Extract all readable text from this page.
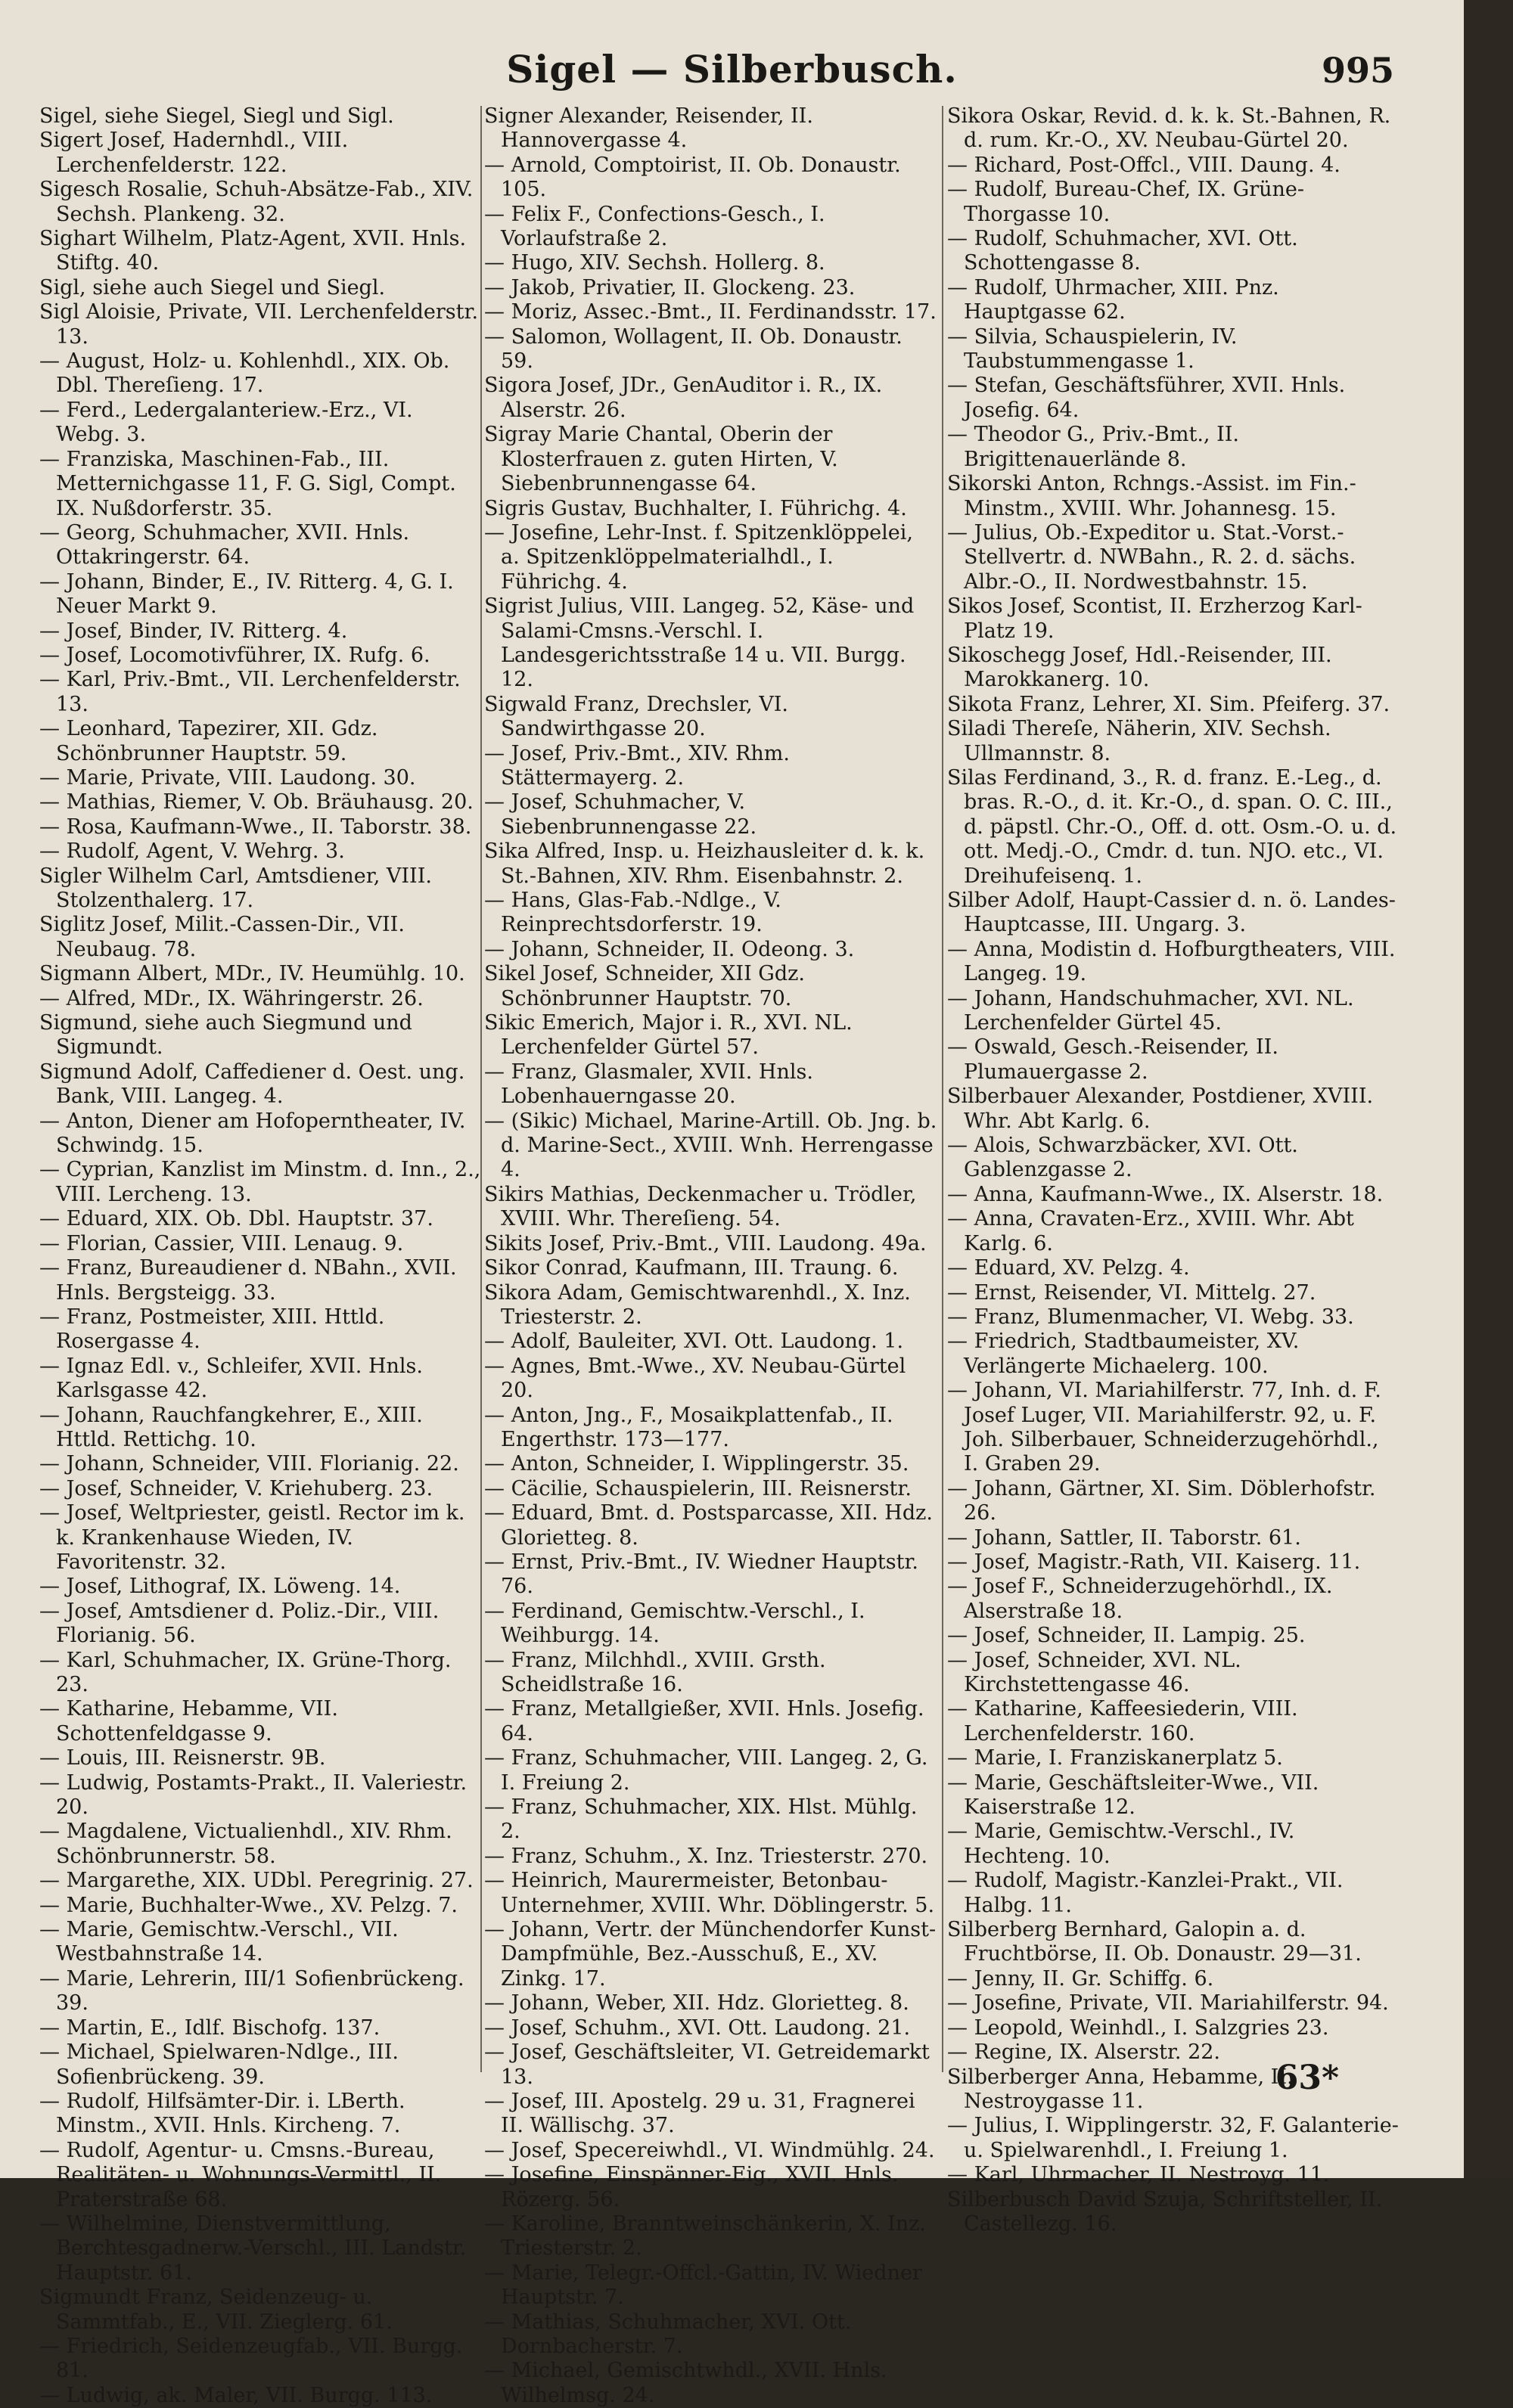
Sigel — Silberbusch.	995

Sigel, siehe Siegel, Siegl und Sigl.

Sigert Josef, Hadernhdl., VIII. Lerchenfelderstr. 122.

Sigesch Rosalie, Schuh-Absätze-Fab., XIV. Sechsh. Plankeng. 32.

Sighart Wilhelm, Platz-Agent, XVII. Hnls. Stiftg. 40.

Sigl, siehe auch Siegel und Siegl.

Sigl Aloisie, Private, VII. Lerchenfelderstr. 13.

— August, Holz- u. Kohlenhdl., XIX. Ob. Dbl. Thereſieng. 17.

— Ferd., Ledergalanteriew.-Erz., VI. Webg. 3.

— Franziska, Maschinen-Fab., III. Metternichgasse 11, F. G. Sigl, Compt. IX. Nußdorferstr. 35.

— Georg, Schuhmacher, XVII. Hnls. Ottakringerstr. 64.

— Johann, Binder, E., IV. Ritterg. 4, G. I. Neuer Markt 9.

— Josef, Binder, IV. Ritterg. 4.

— Josef, Locomotivführer, IX. Rufg. 6.

— Karl, Priv.-Bmt., VII. Lerchenfelderstr. 13.

— Leonhard, Tapezirer, XII. Gdz. Schönbrunner Hauptstr. 59.

— Marie, Private, VIII. Laudong. 30.

— Mathias, Riemer, V. Ob. Bräuhausg. 20.

— Rosa, Kaufmann-Wwe., II. Taborstr. 38.

— Rudolf, Agent, V. Wehrg. 3.

Sigler Wilhelm Carl, Amtsdiener, VIII. Stolzenthalerg. 17.

Siglitz Josef, Milit.-Cassen-Dir., VII. Neubaug. 78.

Sigmann Albert, MDr., IV. Heumühlg. 10.

— Alfred, MDr., IX. Währingerstr. 26.

Sigmund, siehe auch Siegmund und Sigmundt.

Sigmund Adolf, Caffediener d. Oest. ung. Bank, VIII. Langeg. 4.

— Anton, Diener am Hofoperntheater, IV. Schwindg. 15.

— Cyprian, Kanzlist im Minstm. d. Inn., 2., VIII. Lercheng. 13.

— Eduard, XIX. Ob. Dbl. Hauptstr. 37.

— Florian, Cassier, VIII. Lenaug. 9.

— Franz, Bureaudiener d. NBahn., XVII. Hnls. Bergsteigg. 33.

— Franz, Postmeister, XIII. Httld. Rosergasse 4.

— Ignaz Edl. v., Schleifer, XVII. Hnls. Karlsgasse 42.

— Johann, Rauchfangkehrer, E., XIII. Httld. Rettichg. 10.

— Johann, Schneider, VIII. Florianig. 22.

— Josef, Schneider, V. Kriehuberg. 23.

— Josef, Weltpriester, geistl. Rector im k. k. Krankenhause Wieden, IV. Favoritenstr. 32.

— Josef, Lithograf, IX. Löweng. 14.

— Josef, Amtsdiener d. Poliz.-Dir., VIII. Florianig. 56.

— Karl, Schuhmacher, IX. Grüne-Thorg. 23.

— Katharine, Hebamme, VII. Schottenfeldgasse 9.

— Louis, III. Reisnerstr. 9B.

— Ludwig, Postamts-Prakt., II. Valeriestr. 20.

— Magdalene, Victualienhdl., XIV. Rhm. Schönbrunnerstr. 58.

— Margarethe, XIX. UDbl. Peregrinig. 27.

— Marie, Buchhalter-Wwe., XV. Pelzg. 7.

— Marie, Gemischtw.-Verschl., VII. Westbahnstraße 14.

— Marie, Lehrerin, III/1 Sofienbrückeng. 39.

— Martin, E., Idlf. Bischofg. 137.

— Michael, Spielwaren-Ndlge., III. Sofienbrückeng. 39.

— Rudolf, Hilfsämter-Dir. i. LBerth. Minstm., XVII. Hnls. Kircheng. 7.

— Rudolf, Agentur- u. Cmsns.-Bureau, Realitäten- u. Wohnungs-Vermittl., II. Praterstraße 68.

— Wilhelmine, Dienstvermittlung, Berchtesgadnerw.-Verschl., III. Landstr. Hauptstr. 61.

Sigmundt Franz, Seidenzeug- u. Sammtfab., E., VII. Zieglerg. 61.

— Friedrich, Seidenzeugfab., VII. Burgg. 81.

— Ludwig, ak. Maler, VII. Burgg. 113.

Signer Alexander, Reisender, II. Hannovergasse 4.

— Arnold, Comptoirist, II. Ob. Donaustr. 105.

— Felix F., Confections-Gesch., I. Vorlaufstraße 2.

— Hugo, XIV. Sechsh. Hollerg. 8.

— Jakob, Privatier, II. Glockeng. 23.

— Moriz, Assec.-Bmt., II. Ferdinandsstr. 17.

— Salomon, Wollagent, II. Ob. Donaustr. 59.

Sigora Josef, JDr., GenAuditor i. R., IX. Alserstr. 26.

Sigray Marie Chantal, Oberin der Klosterfrauen z. guten Hirten, V. Siebenbrunnengasse 64.

Sigris Gustav, Buchhalter, I. Führichg. 4.

— Josefine, Lehr-Inst. f. Spitzenklöppelei, a. Spitzenklöppelmaterialhdl., I. Führichg. 4.

Sigrist Julius, VIII. Langeg. 52, Käse- und Salami-Cmsns.-Verschl. I. Landesgerichtsstraße 14 u. VII. Burgg. 12.

Sigwald Franz, Drechsler, VI. Sandwirthgasse 20.

— Josef, Priv.-Bmt., XIV. Rhm. Stättermayerg. 2.

— Josef, Schuhmacher, V. Siebenbrunnengasse 22.

Sika Alfred, Insp. u. Heizhausleiter d. k. k. St.-Bahnen, XIV. Rhm. Eisenbahnstr. 2.

— Hans, Glas-Fab.-Ndlge., V. Reinprechtsdorferstr. 19.

— Johann, Schneider, II. Odeong. 3.

Sikel Josef, Schneider, XII Gdz. Schönbrunner Hauptstr. 70.

Sikic Emerich, Major i. R., XVI. NL. Lerchenfelder Gürtel 57.

— Franz, Glasmaler, XVII. Hnls. Lobenhauerngasse 20.

— (Sikic) Michael, Marine-Artill. Ob. Jng. b. d. Marine-Sect., XVIII. Wnh. Herrengasse 4.

Sikirs Mathias, Deckenmacher u. Trödler, XVIII. Whr. Thereſieng. 54.

Sikits Josef, Priv.-Bmt., VIII. Laudong. 49a.

Sikor Conrad, Kaufmann, III. Traung. 6.

Sikora Adam, Gemischtwarenhdl., X. Inz. Triesterstr. 2.

— Adolf, Bauleiter, XVI. Ott. Laudong. 1.

— Agnes, Bmt.-Wwe., XV. Neubau-Gürtel 20.

— Anton, Jng., F., Mosaikplattenfab., II. Engerthstr. 173—177.

— Anton, Schneider, I. Wipplingerstr. 35.

— Cäcilie, Schauspielerin, III. Reisnerstr.

— Eduard, Bmt. d. Postsparcasse, XII. Hdz. Glorietteg. 8.

— Ernst, Priv.-Bmt., IV. Wiedner Hauptstr. 76.

— Ferdinand, Gemischtw.-Verschl., I. Weihburgg. 14.

— Franz, Milchhdl., XVIII. Grsth. Scheidlstraße 16.

— Franz, Metallgießer, XVII. Hnls. Josefig. 64.

— Franz, Schuhmacher, VIII. Langeg. 2, G. I. Freiung 2.

— Franz, Schuhmacher, XIX. Hlst. Mühlg. 2.

— Franz, Schuhm., X. Inz. Triesterstr. 270.

— Heinrich, Maurermeister, Betonbau-Unternehmer, XVIII. Whr. Döblingerstr. 5.

— Johann, Vertr. der Münchendorfer Kunst-Dampfmühle, Bez.-Ausschuß, E., XV. Zinkg. 17.

— Johann, Weber, XII. Hdz. Glorietteg. 8.

— Josef, Schuhm., XVI. Ott. Laudong. 21.

— Josef, Geschäftsleiter, VI. Getreidemarkt 13.

— Josef, III. Apostelg. 29 u. 31, Fragnerei II. Wällischg. 37.

— Josef, Specereiwhdl., VI. Windmühlg. 24.

— Josefine, Einspänner-Eig., XVII. Hnls. Rözerg. 56.

— Karoline, Branntweinschänkerin, X. Inz. Triesterstr. 2.

— Marie, Telegr.-Offcl.-Gattin, IV. Wiedner Hauptstr. 7.

— Mathias, Schuhmacher, XVI. Ott. Dornbacherstr. 7.

— Michael, Gemischtwhdl., XVII. Hnls. Wilhelmsg. 24.

Sikora Oskar, Revid. d. k. k. St.-Bahnen, R. d. rum. Kr.-O., XV. Neubau-Gürtel 20.

— Richard, Post-Offcl., VIII. Daung. 4.

— Rudolf, Bureau-Chef, IX. Grüne-Thorgasse 10.

— Rudolf, Schuhmacher, XVI. Ott. Schottengasse 8.

— Rudolf, Uhrmacher, XIII. Pnz. Hauptgasse 62.

— Silvia, Schauspielerin, IV. Taubstummengasse 1.

— Stefan, Geschäftsführer, XVII. Hnls. Josefig. 64.

— Theodor G., Priv.-Bmt., II. Brigittenauerlände 8.

Sikorski Anton, Rchngs.-Assist. im Fin.-Minstm., XVIII. Whr. Johannesg. 15.

— Julius, Ob.-Expeditor u. Stat.-Vorst.-Stellvertr. d. NWBahn., R. 2. d. sächs. Albr.-O., II. Nordwestbahnstr. 15.

Sikos Josef, Scontist, II. Erzherzog Karl-Platz 19.

Sikoschegg Josef, Hdl.-Reisender, III. Marokkanerg. 10.

Sikota Franz, Lehrer, XI. Sim. Pfeiferg. 37.

Siladi Thereſe, Näherin, XIV. Sechsh. Ullmannstr. 8.

Silas Ferdinand, 3., R. d. franz. E.-Leg., d. bras. R.-O., d. it. Kr.-O., d. span. O. C. III., d. päpstl. Chr.-O., Off. d. ott. Osm.-O. u. d. ott. Medj.-O., Cmdr. d. tun. NJO. etc., VI. Dreihufeisenq. 1.

Silber Adolf, Haupt-Cassier d. n. ö. Landes-Hauptcasse, III. Ungarg. 3.

— Anna, Modistin d. Hofburgtheaters, VIII. Langeg. 19.

— Johann, Handschuhmacher, XVI. NL. Lerchenfelder Gürtel 45.

— Oswald, Gesch.-Reisender, II. Plumauergasse 2.

Silberbauer Alexander, Postdiener, XVIII. Whr. Abt Karlg. 6.

— Alois, Schwarzbäcker, XVI. Ott. Gablenzgasse 2.

— Anna, Kaufmann-Wwe., IX. Alserstr. 18.

— Anna, Cravaten-Erz., XVIII. Whr. Abt Karlg. 6.

— Eduard, XV. Pelzg. 4.

— Ernst, Reisender, VI. Mittelg. 27.

— Franz, Blumenmacher, VI. Webg. 33.

— Friedrich, Stadtbaumeister, XV. Verlängerte Michaelerg. 100.

— Johann, VI. Mariahilferstr. 77, Inh. d. F. Josef Luger, VII. Mariahilferstr. 92, u. F. Joh. Silberbauer, Schneiderzugehörhdl., I. Graben 29.

— Johann, Gärtner, XI. Sim. Döblerhofstr. 26.

— Johann, Sattler, II. Taborstr. 61.

— Josef, Magistr.-Rath, VII. Kaiserg. 11.

— Josef F., Schneiderzugehörhdl., IX. Alserstraße 18.

— Josef, Schneider, II. Lampig. 25.

— Josef, Schneider, XVI. NL. Kirchstettengasse 46.

— Katharine, Kaffeesiederin, VIII. Lerchenfelderstr. 160.

— Marie, I. Franziskanerplatz 5.

— Marie, Geschäftsleiter-Wwe., VII. Kaiserstraße 12.

— Marie, Gemischtw.-Verschl., IV. Hechteng. 10.

— Rudolf, Magistr.-Kanzlei-Prakt., VII. Halbg. 11.

Silberberg Bernhard, Galopin a. d. Fruchtbörse, II. Ob. Donaustr. 29—31.

— Jenny, II. Gr. Schiffg. 6.

— Josefine, Private, VII. Mariahilferstr. 94.

— Leopold, Weinhdl., I. Salzgries 23.

— Regine, IX. Alserstr. 22.

Silberberger Anna, Hebamme, II. Nestroygasse 11.

— Julius, I. Wipplingerstr. 32, F. Galanterie- u. Spielwarenhdl., I. Freiung 1.

— Karl, Uhrmacher, II. Nestroyg. 11.

Silberbusch David Szuja, Schriftsteller, II. Castellezg. 16.

63*
